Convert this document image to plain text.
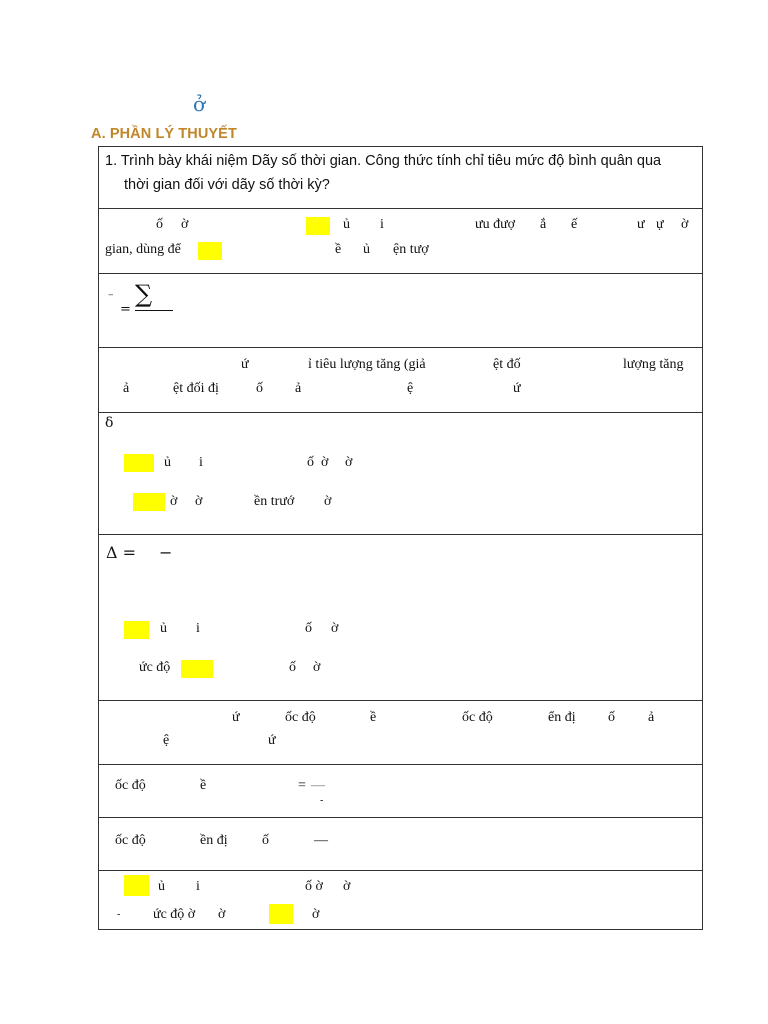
ở
A. PHẦN LÝ THUYẾT
1. Trình bày khái niệm Dãy số thời gian. Công thức tính chỉ tiêu mức độ bình quân qua
thời gian đối với dãy số thời kỳ?
ố ờ	ủ i	ưu đượ ắ ế	ư ự ờ
gian, dùng để	ề ủ ện tượ
–
=
∑
ứ	ỉ tiêu lượng tăng (giả	ệt đố	lượng tăng
ả	ệt đối đị	ố ả	ệ	ứ
δ
ủ i	ố ờ ờ
ờ ờ	ền trướ ờ
Δ = −
ủ i	ố ờ
ức độ	ố ờ
ứ	ốc độ	ề	ốc độ	ển đị ố ả
ệ	ứ
ốc độ	ề	= —
-
ốc độ	ền đị ố	—
ủ i	ố ờ ờ
- ức độ ờ ờ	ờ
